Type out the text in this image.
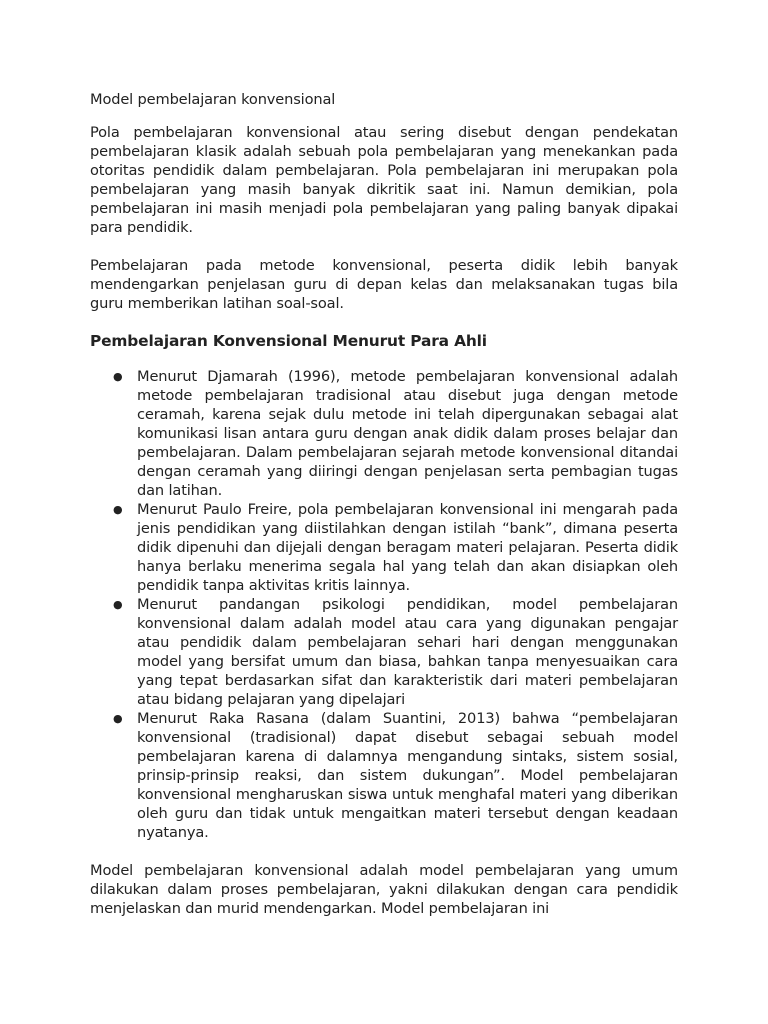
Model pembelajaran konvensional

Pola pembelajaran konvensional atau sering disebut dengan pendekatan pembelajaran klasik adalah sebuah pola pembelajaran yang menekankan pada otoritas pendidik dalam pembelajaran. Pola pembelajaran ini merupakan pola pembelajaran yang masih banyak dikritik saat ini. Namun demikian, pola pembelajaran ini masih menjadi pola pembelajaran yang paling banyak dipakai para pendidik.

Pembelajaran pada metode konvensional, peserta didik lebih banyak mendengarkan penjelasan guru di depan kelas dan melaksanakan tugas bila guru memberikan latihan soal-soal.

Pembelajaran Konvensional Menurut Para Ahli
● Menurut Djamarah (1996), metode pembelajaran konvensional adalah metode pembelajaran tradisional atau disebut juga dengan metode ceramah, karena sejak dulu metode ini telah dipergunakan sebagai alat komunikasi lisan antara guru dengan anak didik dalam proses belajar dan pembelajaran. Dalam pembelajaran sejarah metode konvensional ditandai dengan ceramah yang diiringi dengan penjelasan serta pembagian tugas dan latihan.
● Menurut Paulo Freire, pola pembelajaran konvensional ini mengarah pada jenis pendidikan yang diistilahkan dengan istilah “bank”, dimana peserta didik dipenuhi dan dijejali dengan beragam materi pelajaran. Peserta didik hanya berlaku menerima segala hal yang telah dan akan disiapkan oleh pendidik tanpa aktivitas kritis lainnya.
● Menurut pandangan psikologi pendidikan, model pembelajaran konvensional dalam adalah model atau cara yang digunakan pengajar atau pendidik dalam pembelajaran sehari hari dengan menggunakan model yang bersifat umum dan biasa, bahkan tanpa menyesuaikan cara yang tepat berdasarkan sifat dan karakteristik dari materi pembelajaran atau bidang pelajaran yang dipelajari
● Menurut Raka Rasana (dalam Suantini, 2013) bahwa “pembelajaran konvensional (tradisional) dapat disebut sebagai sebuah model pembelajaran karena di dalamnya mengandung sintaks, sistem sosial, prinsip-prinsip reaksi, dan sistem dukungan”. Model pembelajaran konvensional mengharuskan siswa untuk menghafal materi yang diberikan oleh guru dan tidak untuk mengaitkan materi tersebut dengan keadaan nyatanya.

Model pembelajaran konvensional adalah model pembelajaran yang umum dilakukan dalam proses pembelajaran, yakni dilakukan dengan cara pendidik menjelaskan dan murid mendengarkan. Model pembelajaran ini
